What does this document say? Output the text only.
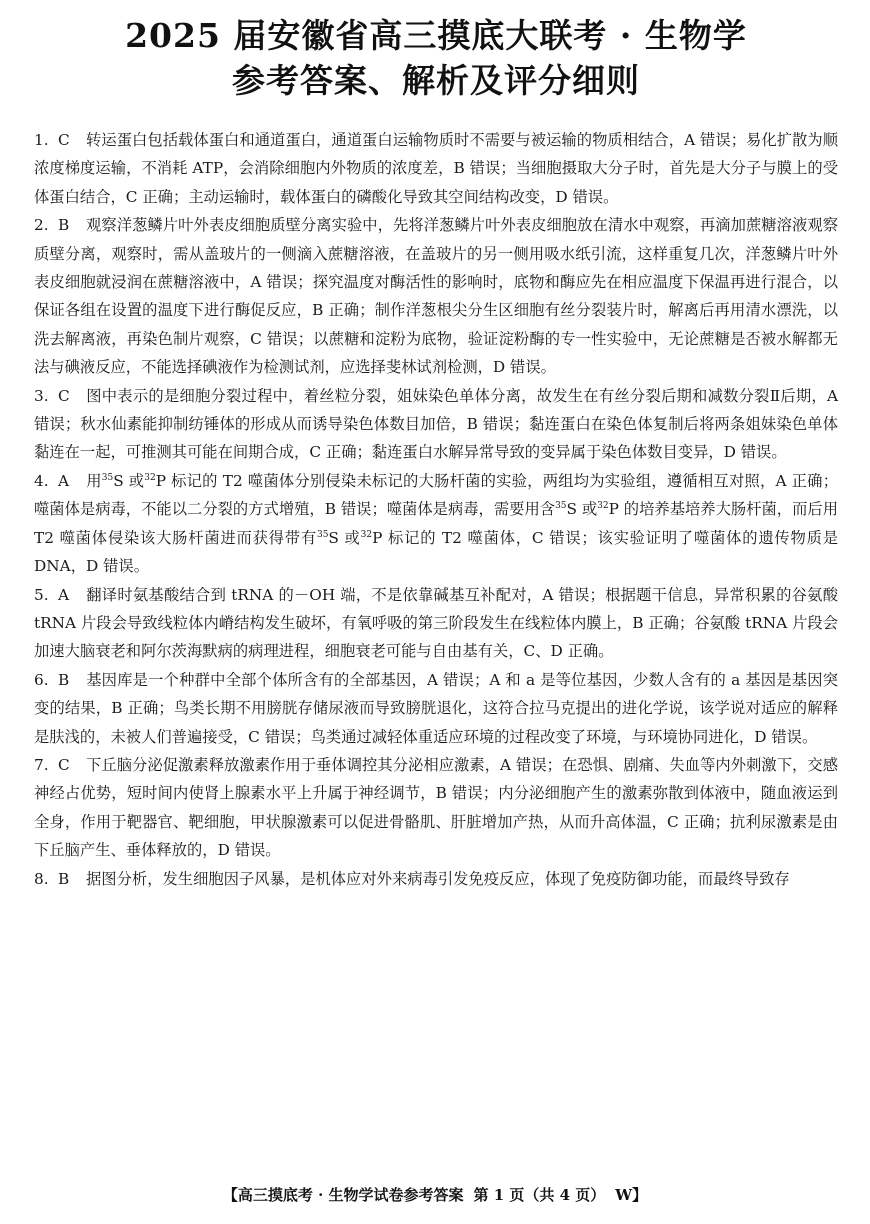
2025 届安徽省高三摸底大联考 · 生物学
参考答案、解析及评分细则

1. C 转运蛋白包括载体蛋白和通道蛋白，通道蛋白运输物质时不需要与被运输的物质相结合，A 错误；易化扩散为顺浓度梯度运输，不消耗 ATP，会消除细胞内外物质的浓度差，B 错误；当细胞摄取大分子时，首先是大分子与膜上的受体蛋白结合，C 正确；主动运输时，载体蛋白的磷酸化导致其空间结构改变，D 错误。

2. B 观察洋葱鳞片叶外表皮细胞质壁分离实验中，先将洋葱鳞片叶外表皮细胞放在清水中观察，再滴加蔗糖溶液观察质壁分离，观察时，需从盖玻片的一侧滴入蔗糖溶液，在盖玻片的另一侧用吸水纸引流，这样重复几次，洋葱鳞片叶外表皮细胞就浸润在蔗糖溶液中，A 错误；探究温度对酶活性的影响时，底物和酶应先在相应温度下保温再进行混合，以保证各组在设置的温度下进行酶促反应，B 正确；制作洋葱根尖分生区细胞有丝分裂装片时，解离后再用清水漂洗，以洗去解离液，再染色制片观察，C 错误；以蔗糖和淀粉为底物，验证淀粉酶的专一性实验中，无论蔗糖是否被水解都无法与碘液反应，不能选择碘液作为检测试剂，应选择斐林试剂检测，D 错误。

3. C 图中表示的是细胞分裂过程中，着丝粒分裂，姐妹染色单体分离，故发生在有丝分裂后期和减数分裂Ⅱ后期，A 错误；秋水仙素能抑制纺锤体的形成从而诱导染色体数目加倍，B 错误；黏连蛋白在染色体复制后将两条姐妹染色单体黏连在一起，可推测其可能在间期合成，C 正确；黏连蛋白水解异常导致的变异属于染色体数目变异，D 错误。

4. A 用$^{35}$S 或$^{32}$P 标记的 T2 噬菌体分别侵染未标记的大肠杆菌的实验，两组均为实验组，遵循相互对照，A 正确；噬菌体是病毒，不能以二分裂的方式增殖，B 错误；噬菌体是病毒，需要用含$^{35}$S 或$^{32}$P 的培养基培养大肠杆菌，而后用 T2 噬菌体侵染该大肠杆菌进而获得带有$^{35}$S 或$^{32}$P 标记的 T2 噬菌体，C 错误；该实验证明了噬菌体的遗传物质是 DNA，D 错误。

5. A 翻译时氨基酸结合到 tRNA 的－OH 端，不是依靠碱基互补配对，A 错误；根据题干信息，异常积累的谷氨酸 tRNA 片段会导致线粒体内嵴结构发生破坏，有氧呼吸的第三阶段发生在线粒体内膜上，B 正确；谷氨酸 tRNA 片段会加速大脑衰老和阿尔茨海默病的病理进程，细胞衰老可能与自由基有关，C、D 正确。

6. B 基因库是一个种群中全部个体所含有的全部基因，A 错误；A 和 a 是等位基因，少数人含有的 a 基因是基因突变的结果，B 正确；鸟类长期不用膀胱存储尿液而导致膀胱退化，这符合拉马克提出的进化学说，该学说对适应的解释是肤浅的，未被人们普遍接受，C 错误；鸟类通过减轻体重适应环境的过程改变了环境，与环境协同进化，D 错误。

7. C 下丘脑分泌促激素释放激素作用于垂体调控其分泌相应激素，A 错误；在恐惧、剧痛、失血等内外刺激下，交感神经占优势，短时间内使肾上腺素水平上升属于神经调节，B 错误；内分泌细胞产生的激素弥散到体液中，随血液运到全身，作用于靶器官、靶细胞，甲状腺激素可以促进骨骼肌、肝脏增加产热，从而升高体温，C 正确；抗利尿激素是由下丘脑产生、垂体释放的，D 错误。

8. B 据图分析，发生细胞因子风暴，是机体应对外来病毒引发免疫反应，体现了免疫防御功能，而最终导致存

【高三摸底考 · 生物学试卷参考答案 第 1 页（共 4 页） W】
